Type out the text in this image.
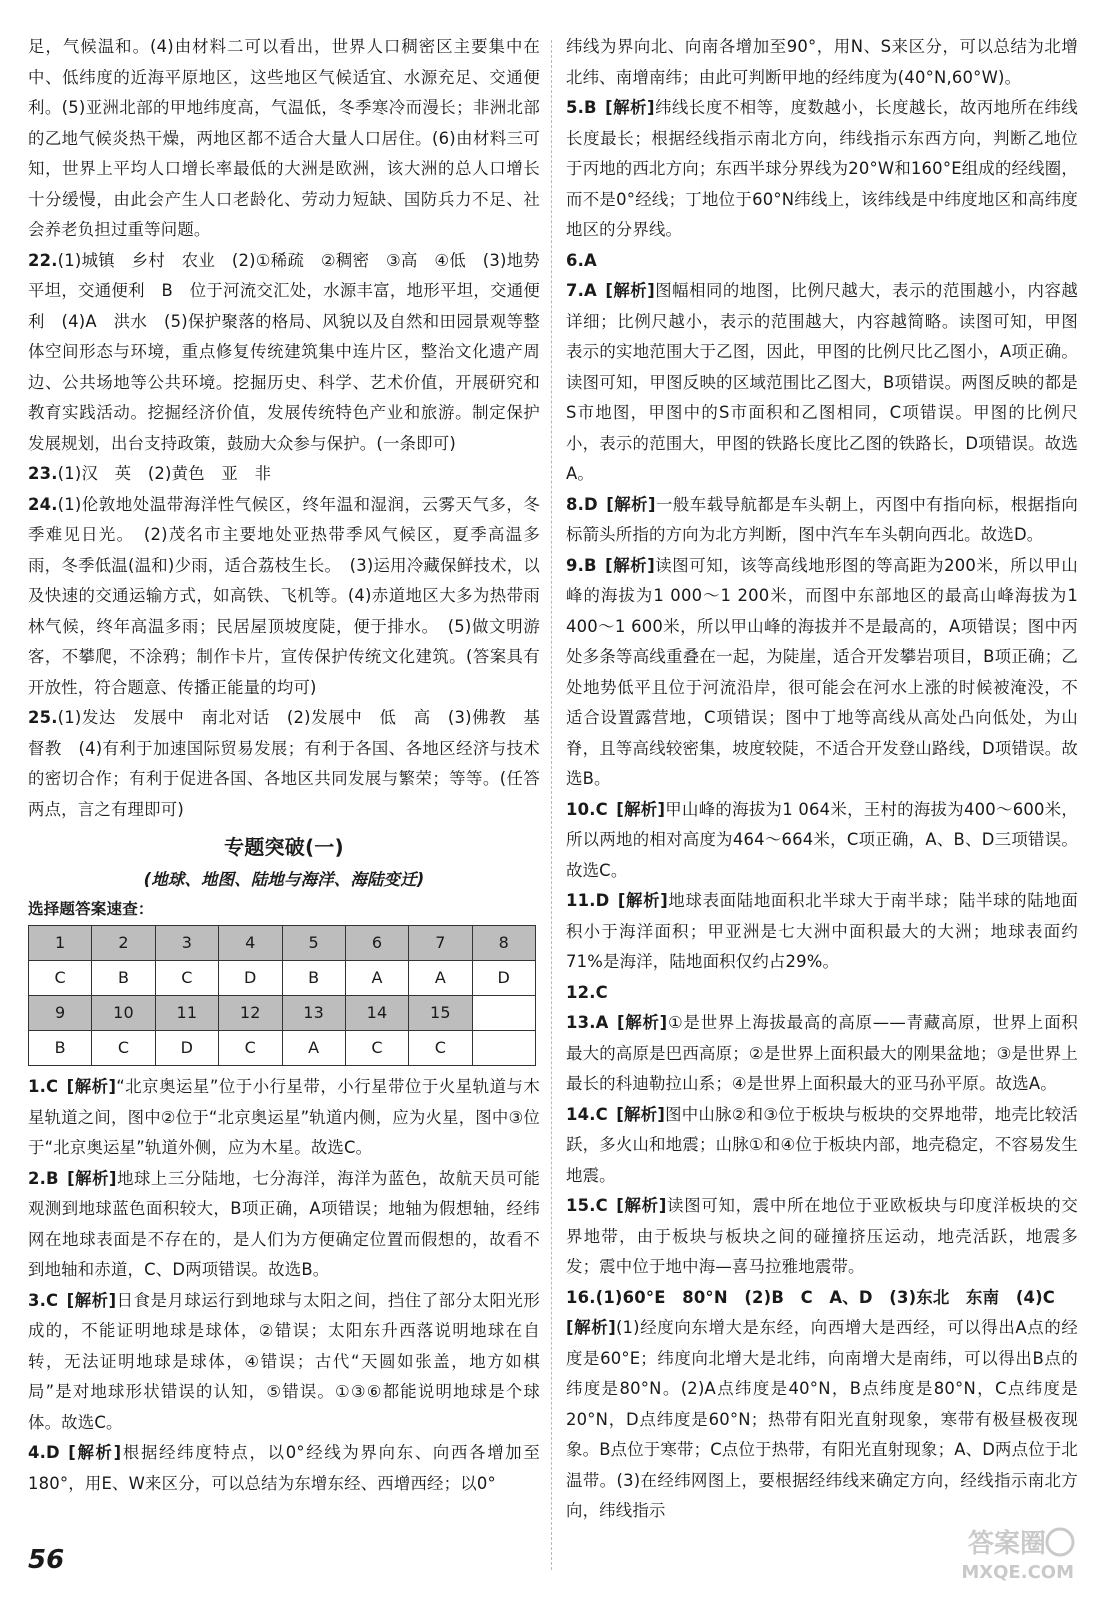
足，气候温和。(4)由材料二可以看出，世界人口稠密区主要集中在中、低纬度的近海平原地区，这些地区气候适宜、水源充足、交通便利。(5)亚洲北部的甲地纬度高，气温低，冬季寒冷而漫长；非洲北部的乙地气候炎热干燥，两地区都不适合大量人口居住。(6)由材料三可知，世界上平均人口增长率最低的大洲是欧洲，该大洲的总人口增长十分缓慢，由此会产生人口老龄化、劳动力短缺、国防兵力不足、社会养老负担过重等问题。

22.(1)城镇　乡村　农业　(2)①稀疏　②稠密　③高　④低　(3)地势平坦，交通便利　B　位于河流交汇处，水源丰富，地形平坦，交通便利　(4)A　洪水　(5)保护聚落的格局、风貌以及自然和田园景观等整体空间形态与环境，重点修复传统建筑集中连片区，整治文化遗产周边、公共场地等公共环境。挖掘历史、科学、艺术价值，开展研究和教育实践活动。挖掘经济价值，发展传统特色产业和旅游。制定保护发展规划，出台支持政策，鼓励大众参与保护。(一条即可)

23.(1)汉　英　(2)黄色　亚　非

24.(1)伦敦地处温带海洋性气候区，终年温和湿润，云雾天气多，冬季难见日光。　(2)茂名市主要地处亚热带季风气候区，夏季高温多雨，冬季低温(温和)少雨，适合荔枝生长。　(3)运用冷藏保鲜技术，以及快速的交通运输方式，如高铁、飞机等。(4)赤道地区大多为热带雨林气候，终年高温多雨；民居屋顶坡度陡，便于排水。　(5)做文明游客，不攀爬，不涂鸦；制作卡片，宣传保护传统文化建筑。(答案具有开放性，符合题意、传播正能量的均可)

25.(1)发达　发展中　南北对话　(2)发展中　低　高　(3)佛教　基督教　(4)有利于加速国际贸易发展；有利于各国、各地区经济与技术的密切合作；有利于促进各国、各地区共同发展与繁荣；等等。(任答两点，言之有理即可)

专题突破(一)
(地球、地图、陆地与海洋、海陆变迁)
选择题答案速查：
1	2	3	4	5	6	7	8
C	B	C	D	B	A	A	D
9	10	11	12	13	14	15	
B	C	D	C	A	C	C	

1.C  [解析]“北京奥运星”位于小行星带，小行星带位于火星轨道与木星轨道之间，图中②位于“北京奥运星”轨道内侧，应为火星，图中③位于“北京奥运星”轨道外侧，应为木星。故选C。

2.B  [解析]地球上三分陆地，七分海洋，海洋为蓝色，故航天员可能观测到地球蓝色面积较大，B项正确，A项错误；地轴为假想轴，经纬网在地球表面是不存在的，是人们为方便确定位置而假想的，故看不到地轴和赤道，C、D两项错误。故选B。

3.C  [解析]日食是月球运行到地球与太阳之间，挡住了部分太阳光形成的，不能证明地球是球体，②错误；太阳东升西落说明地球在自转，无法证明地球是球体，④错误；古代“天圆如张盖，地方如棋局”是对地球形状错误的认知，⑤错误。①③⑥都能说明地球是个球体。故选C。

4.D  [解析]根据经纬度特点，以0°经线为界向东、向西各增加至180°，用E、W来区分，可以总结为东增东经、西增西经；以0°

纬线为界向北、向南各增加至90°，用N、S来区分，可以总结为北增北纬、南增南纬；由此可判断甲地的经纬度为(40°N,60°W)。

5.B  [解析]纬线长度不相等，度数越小，长度越长，故丙地所在纬线长度最长；根据经线指示南北方向，纬线指示东西方向，判断乙地位于丙地的西北方向；东西半球分界线为20°W和160°E组成的经线圈，而不是0°经线；丁地位于60°N纬线上，该纬线是中纬度地区和高纬度地区的分界线。

6.A

7.A  [解析]图幅相同的地图，比例尺越大，表示的范围越小，内容越详细；比例尺越小，表示的范围越大，内容越简略。读图可知，甲图表示的实地范围大于乙图，因此，甲图的比例尺比乙图小，A项正确。读图可知，甲图反映的区域范围比乙图大，B项错误。两图反映的都是S市地图，甲图中的S市面积和乙图相同，C项错误。甲图的比例尺小，表示的范围大，甲图的铁路长度比乙图的铁路长，D项错误。故选A。

8.D  [解析]一般车载导航都是车头朝上，丙图中有指向标，根据指向标箭头所指的方向为北方判断，图中汽车车头朝向西北。故选D。

9.B  [解析]读图可知，该等高线地形图的等高距为200米，所以甲山峰的海拔为1 000～1 200米，而图中东部地区的最高山峰海拔为1 400～1 600米，所以甲山峰的海拔并不是最高的，A项错误；图中丙处多条等高线重叠在一起，为陡崖，适合开发攀岩项目，B项正确；乙处地势低平且位于河流沿岸，很可能会在河水上涨的时候被淹没，不适合设置露营地，C项错误；图中丁地等高线从高处凸向低处，为山脊，且等高线较密集，坡度较陡，不适合开发登山路线，D项错误。故选B。

10.C  [解析]甲山峰的海拔为1 064米，王村的海拔为400～600米，所以两地的相对高度为464～664米，C项正确，A、B、D三项错误。故选C。

11.D  [解析]地球表面陆地面积北半球大于南半球；陆半球的陆地面积小于海洋面积；甲亚洲是七大洲中面积最大的大洲；地球表面约71%是海洋，陆地面积仅约占29%。

12.C

13.A  [解析]①是世界上海拔最高的高原——青藏高原，世界上面积最大的高原是巴西高原；②是世界上面积最大的刚果盆地；③是世界上最长的科迪勒拉山系；④是世界上面积最大的亚马孙平原。故选A。

14.C  [解析]图中山脉②和③位于板块与板块的交界地带，地壳比较活跃，多火山和地震；山脉①和④位于板块内部，地壳稳定，不容易发生地震。

15.C  [解析]读图可知，震中所在地位于亚欧板块与印度洋板块的交界地带，由于板块与板块之间的碰撞挤压运动，地壳活跃，地震多发；震中位于地中海—喜马拉雅地震带。

16.(1)60°E　80°N　(2)B　C　A、D　(3)东北　东南　(4)C

[解析](1)经度向东增大是东经，向西增大是西经，可以得出A点的经度是60°E；纬度向北增大是北纬，向南增大是南纬，可以得出B点的纬度是80°N。(2)A点纬度是40°N，B点纬度是80°N，C点纬度是20°N，D点纬度是60°N；热带有阳光直射现象，寒带有极昼极夜现象。B点位于寒带；C点位于热带，有阳光直射现象；A、D两点位于北温带。(3)在经纬网图上，要根据经纬线来确定方向，经线指示南北方向，纬线指示

56
答案圈
MXQE.COM
